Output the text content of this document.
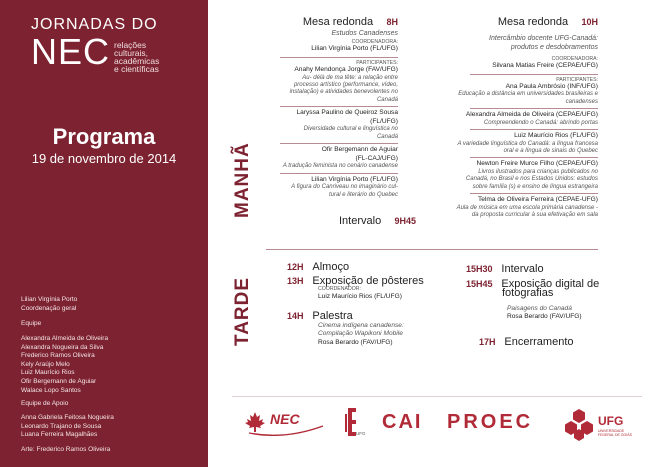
JORNADAS DO
NEC relações
culturais,
acadêmicas
e científicas
Programa
19 de novembro de 2014
Lilian Virgínia Porto
Coordenação geral
Equipe
Alexandra Almeida de Oliveira
Alexandra Nogueira da Silva
Frederico Ramos Oliveira
Kely Araújo Melo
Luiz Maurício Rios
Ofir Bergemann de Aguiar
Walace Lopo Santos
Equipe de Apoio
Anna Gabriela Feitosa Nogueira
Leonardo Trajano de Sousa
Luana Ferreira Magalhães
Arte: Frederico Ramos Oliveira
MANHÃ
TARDE
Mesa redonda 8H
Estudos Canadenses
COORDENADORA:
Lilian Virgínia Porto (FL/UFG)
PARTICIPANTES:
Anahy Mendonça Jorge (FAV/UFG)
Au- délà de ma tête: a relação entre
processo artístico (performance, vídeo,
instalação) e atividades benevolentes no
Canadá
Laryssa Paulino de Queiroz Sousa
(FL/UFG)
Diversidade cultural e linguística no
Canadá
Ofir Bergemann de Aguiar
(FL-CAJ/UFG)
A tradução feminista no cenário canadense
Lilian Virgínia Porto (FL/UFG)
A figura do Canriveau no imaginário cul-
tural e literário do Quebec
Intervalo 9H45
Mesa redonda 10H
Intercâmbio docente UFG-Canadá:
produtos e desdobramentos
COORDENADORA:
Silvana Matias Freire (CEPAE/UFG)
PARTICIPANTES:
Ana Paula Ambrósio (INF/UFG)
Educação a distância em universidades brasileiras e
canadenses
Alexandra Almeida de Oliveira (CEPAE/UFG)
Compreendendo o Canadá: abrindo portas
Luiz Maurício Rios (FL/UFG)
A variedade linguística do Canadá: a língua francesa
oral e a língua de sinais do Quebec
Newton Freire Murce Filho (CEPAE/UFG)
Livros ilustrados para crianças publicados no
Canadá, no Brasil e nos Estados Unidos: estudos
sobre família (s) e ensino de língua estrangeira
Telma de Oliveira Ferreira (CEPAE-UFG)
Aula de música em uma escola primária canadense -
da proposta curricular à sua efetivação em sala
12H Almoço
13H Exposição de pôsteres
COORDENADOR:
Luiz Maurício Rios (FL/UFG)
14H Palestra
Cinema indígena canadense:
Compilação Wapikoni Mobile
Rosa Berardo (FAV/UFG)
15H30 Intervalo
15H45 Exposição digital de
fotografias
Paisagens do Canadá
Rosa Berardo (FAV/UFG)
17H Encerramento
NEC
UFG
CAI PROEC	UFG
UNIVERSIDADE
FEDERAL DE GOIÁS
